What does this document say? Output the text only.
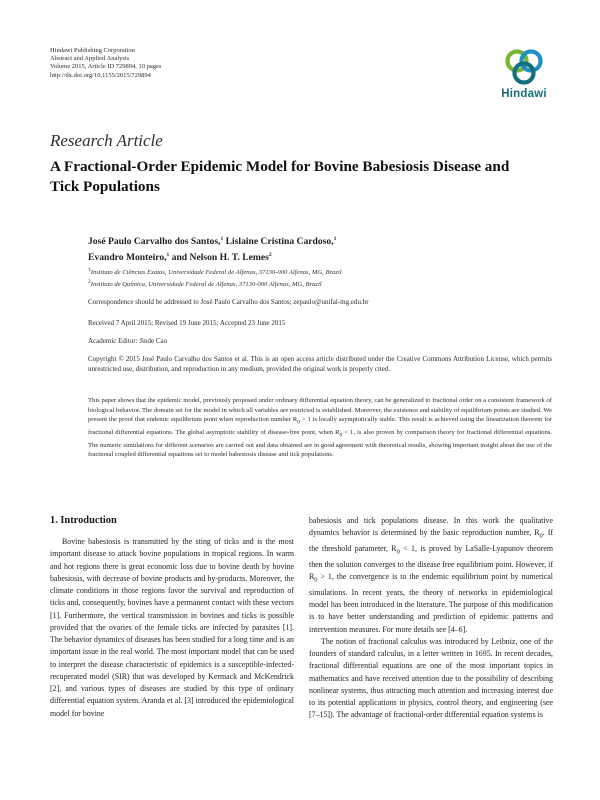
Hindawi Publishing Corporation
Abstract and Applied Analysis
Volume 2015, Article ID 729894, 10 pages
http://dx.doi.org/10.1155/2015/729894
Hindawi
Research Article
A Fractional-Order Epidemic Model for Bovine Babesiosis Disease and Tick Populations
José Paulo Carvalho dos Santos,$^1$ Lislaine Cristina Cardoso,$^1$
Evandro Monteiro,$^1$ and Nelson H. T. Lemes$^2$
$^1$Instituto de Ciências Exatas, Universidade Federal de Alfenas, 37130-000 Alfenas, MG, Brazil
$^2$Instituto de Química, Universidade Federal de Alfenas, 37130-000 Alfenas, MG, Brazil
Correspondence should be addressed to José Paulo Carvalho dos Santos; zepaulo@unifal-mg.edu.br
Received 7 April 2015; Revised 19 June 2015; Accepted 23 June 2015
Academic Editor: Jinde Cao
Copyright © 2015 José Paulo Carvalho dos Santos et al. This is an open access article distributed under the Creative Commons Attribution License, which permits unrestricted use, distribution, and reproduction in any medium, provided the original work is properly cited.
This paper shows that the epidemic model, previously proposed under ordinary differential equation theory, can be generalized to fractional order on a consistent framework of biological behavior. The domain set for the model in which all variables are restricted is established. Moreover, the existence and stability of equilibrium points are studied. We present the proof that endemic equilibrium point when reproduction number $R_0 > 1$ is locally asymptotically stable. This result is achieved using the linearization theorem for fractional differential equations. The global asymptotic stability of disease-free point, when $R_0 < 1$, is also proven by comparison theory for fractional differential equations. The numeric simulations for different scenarios are carried out and data obtained are in good agreement with theoretical results, showing important insight about the use of the fractional coupled differential equations set to model babesiosis disease and tick populations.
1. Introduction

Bovine babesiosis is transmitted by the sting of ticks and is the most important disease to attack bovine populations in tropical regions. In warm and hot regions there is great economic loss due to bovine death by bovine babesiosis, with decrease of bovine products and by-products. Moreover, the climate conditions in those regions favor the survival and reproduction of ticks and, consequently, bovines have a permanent contact with these vectors [1]. Furthermore, the vertical transmission in bovines and ticks is possible provided that the ovaries of the female ticks are infected by parasites [1]. The behavior dynamics of diseases has been studied for a long time and is an important issue in the real world. The most important model that can be used to interpret the disease characteristic of epidemics is a susceptible-infected-recuperated model (SIR) that was developed by Kermack and McKendrick [2], and various types of diseases are studied by this type of ordinary differential equation system. Aranda et al. [3] introduced the epidemiological model for bovine

babesiosis and tick populations disease. In this work the qualitative dynamics behavior is determined by the basic reproduction number, $R_0$. If the threshold parameter, $R_0 < 1$, is proved by LaSalle-Lyapunov theorem then the solution converges to the disease free equilibrium point. However, if $R_0 > 1$, the convergence is to the endemic equilibrium point by numerical simulations. In recent years, the theory of networks in epidemiological model has been introduced in the literature. The purpose of this modification is to have better understanding and prediction of epidemic patterns and intervention measures. For more details see [4–6].

The notion of fractional calculus was introduced by Leibniz, one of the founders of standard calculus, in a letter written in 1695. In recent decades, fractional differential equations are one of the most important topics in mathematics and have received attention due to the possibility of describing nonlinear systems, thus attracting much attention and increasing interest due to its potential applications in physics, control theory, and engineering (see [7–15]). The advantage of fractional-order differential equation systems is
